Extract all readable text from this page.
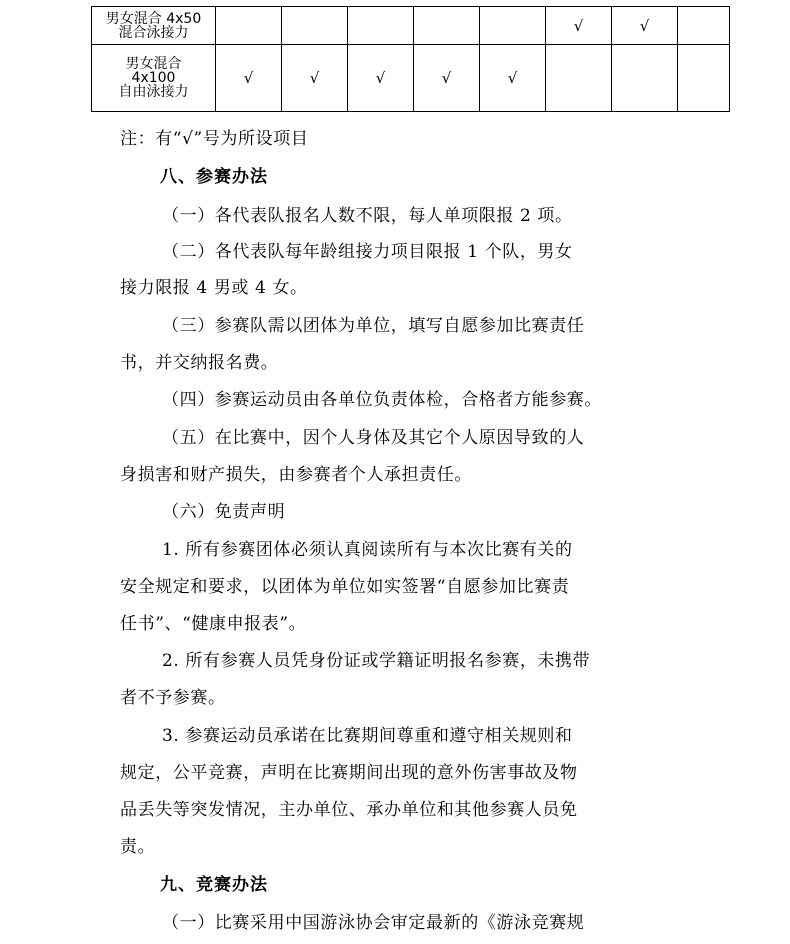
男女混合 4x50
混合泳接力						√	√	

男女混合
4x100
自由泳接力	√	√	√	√	√			
注：有“√”号为所设项目
八、参赛办法
（一）各代表队报名人数不限，每人单项限报 2 项。
（二）各代表队每年龄组接力项目限报 1 个队，男女
接力限报 4 男或 4 女。
（三）参赛队需以团体为单位，填写自愿参加比赛责任
书，并交纳报名费。
（四）参赛运动员由各单位负责体检，合格者方能参赛。
（五）在比赛中，因个人身体及其它个人原因导致的人
身损害和财产损失，由参赛者个人承担责任。
（六）免责声明
1. 所有参赛团体必须认真阅读所有与本次比赛有关的
安全规定和要求，以团体为单位如实签署“自愿参加比赛责
任书”、“健康申报表”。
2. 所有参赛人员凭身份证或学籍证明报名参赛，未携带
者不予参赛。
3. 参赛运动员承诺在比赛期间尊重和遵守相关规则和
规定，公平竞赛，声明在比赛期间出现的意外伤害事故及物
品丢失等突发情况，主办单位、承办单位和其他参赛人员免
责。
九、竞赛办法
（一）比赛采用中国游泳协会审定最新的《游泳竞赛规
